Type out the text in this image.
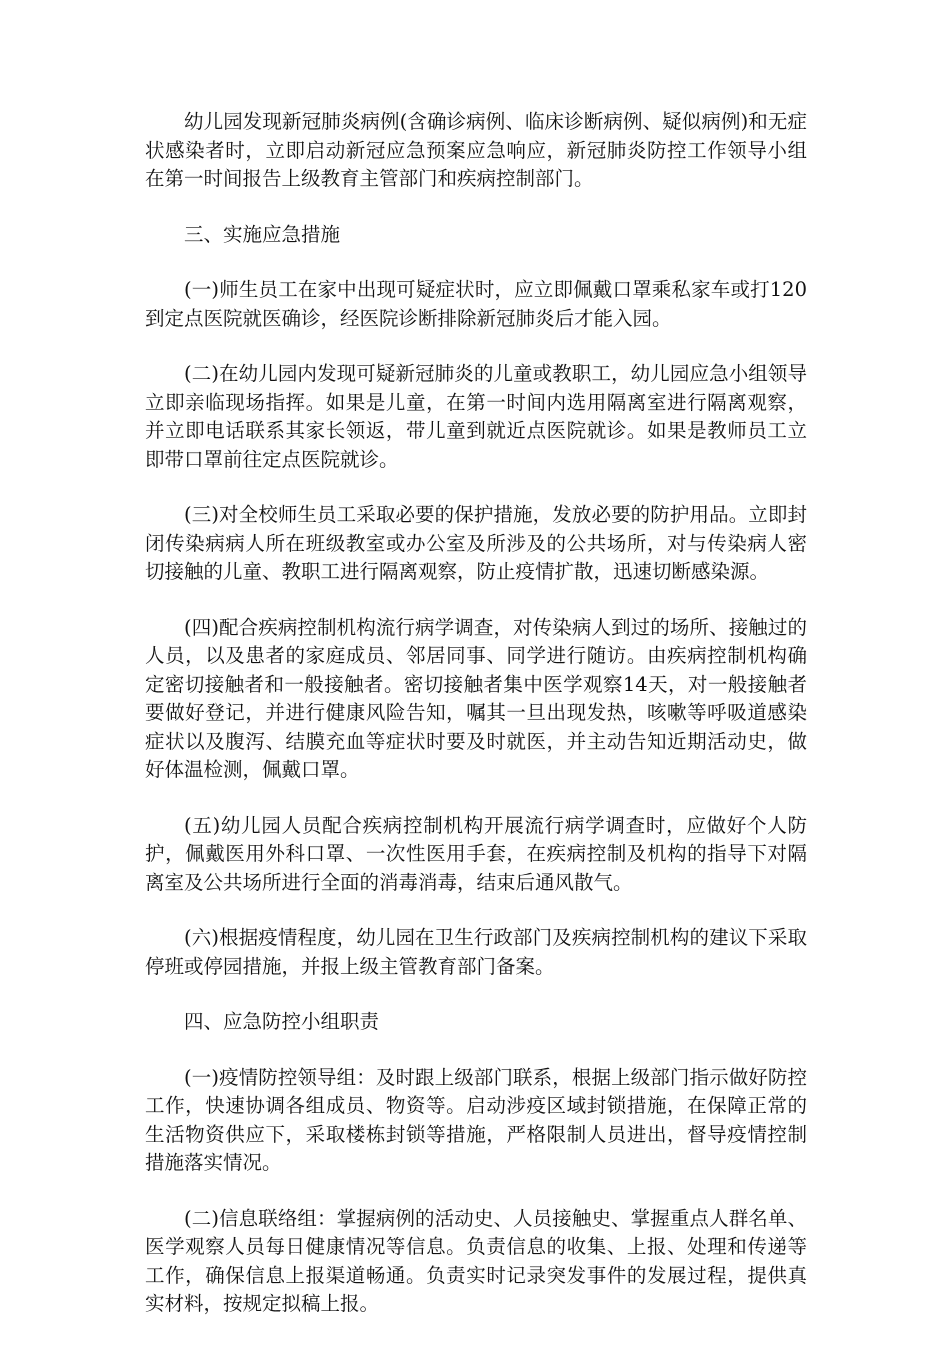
幼儿园发现新冠肺炎病例(含确诊病例、临床诊断病例、疑似病例)和无症状感染者时，立即启动新冠应急预案应急响应，新冠肺炎防控工作领导小组在第一时间报告上级教育主管部门和疾病控制部门。

三、实施应急措施

(一)师生员工在家中出现可疑症状时，应立即佩戴口罩乘私家车或打120到定点医院就医确诊，经医院诊断排除新冠肺炎后才能入园。

(二)在幼儿园内发现可疑新冠肺炎的儿童或教职工，幼儿园应急小组领导立即亲临现场指挥。如果是儿童，在第一时间内选用隔离室进行隔离观察，并立即电话联系其家长领返，带儿童到就近点医院就诊。如果是教师员工立即带口罩前往定点医院就诊。

(三)对全校师生员工采取必要的保护措施，发放必要的防护用品。立即封闭传染病病人所在班级教室或办公室及所涉及的公共场所，对与传染病人密切接触的儿童、教职工进行隔离观察，防止疫情扩散，迅速切断感染源。

(四)配合疾病控制机构流行病学调查，对传染病人到过的场所、接触过的人员，以及患者的家庭成员、邻居同事、同学进行随访。由疾病控制机构确定密切接触者和一般接触者。密切接触者集中医学观察14天，对一般接触者要做好登记，并进行健康风险告知，嘱其一旦出现发热，咳嗽等呼吸道感染症状以及腹泻、结膜充血等症状时要及时就医，并主动告知近期活动史，做好体温检测，佩戴口罩。

(五)幼儿园人员配合疾病控制机构开展流行病学调查时，应做好个人防护，佩戴医用外科口罩、一次性医用手套，在疾病控制及机构的指导下对隔离室及公共场所进行全面的消毒消毒，结束后通风散气。

(六)根据疫情程度，幼儿园在卫生行政部门及疾病控制机构的建议下采取停班或停园措施，并报上级主管教育部门备案。

四、应急防控小组职责

(一)疫情防控领导组：及时跟上级部门联系，根据上级部门指示做好防控工作，快速协调各组成员、物资等。启动涉疫区域封锁措施，在保障正常的生活物资供应下，采取楼栋封锁等措施，严格限制人员进出，督导疫情控制措施落实情况。

(二)信息联络组：掌握病例的活动史、人员接触史、掌握重点人群名单、医学观察人员每日健康情况等信息。负责信息的收集、上报、处理和传递等工作，确保信息上报渠道畅通。负责实时记录突发事件的发展过程，提供真实材料，按规定拟稿上报。
